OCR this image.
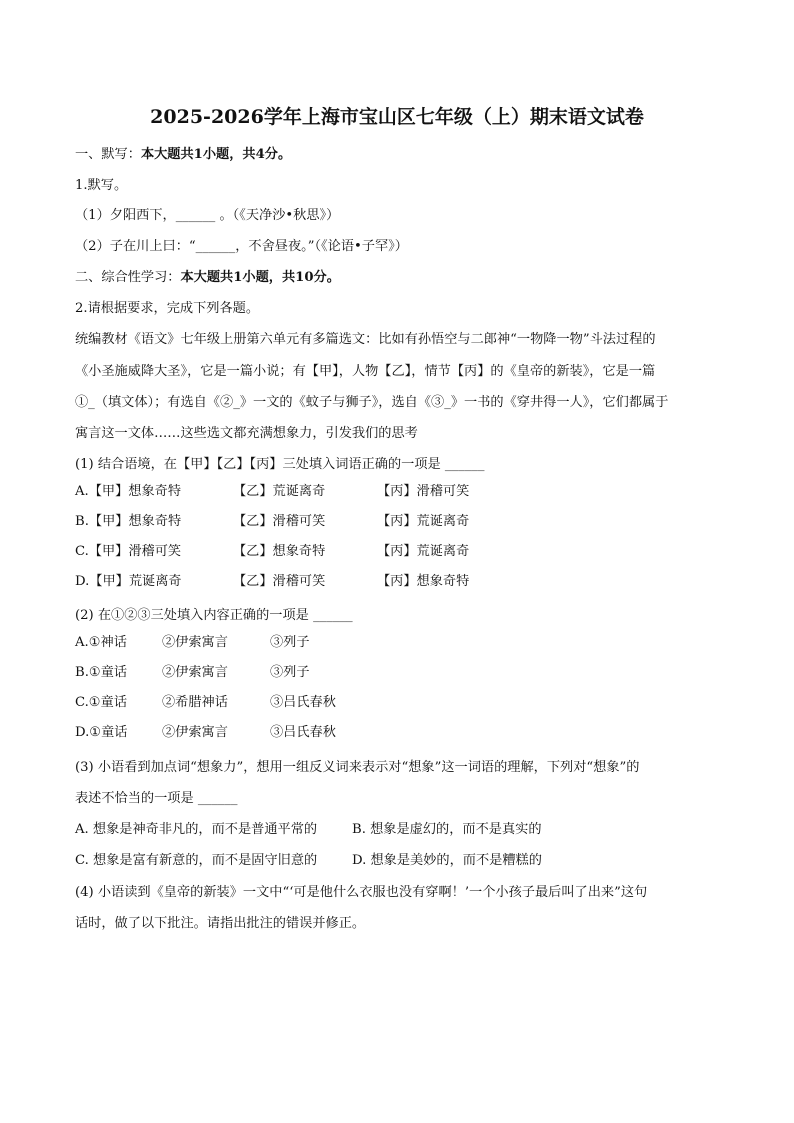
2025-2026学年上海市宝山区七年级（上）期末语文试卷
一、默写：本大题共1小题，共4分。
1.默写。
（1）夕阳西下，______ 。（《天净沙•秋思》）
（2）子在川上曰：“______，不舍昼夜。”（《论语•子罕》）
二、综合性学习：本大题共1小题，共10分。
2.请根据要求，完成下列各题。
统编教材《语文》七年级上册第六单元有多篇选文：比如有孙悟空与二郎神“一物降一物”斗法过程的
《小圣施威降大圣》，它是一篇小说；有【甲】，人物【乙】，情节【丙】的《皇帝的新装》，它是一篇
①_（填文体）；有选自《②_》一文的《蚊子与狮子》，选自《③_》一书的《穿井得一人》，它们都属于
寓言这一文体……这些选文都充满想象力，引发我们的思考
(1) 结合语境，在【甲】【乙】【丙】三处填入词语正确的一项是 ______
A.【甲】想象奇特	【乙】荒诞离奇	【丙】滑稽可笑
B.【甲】想象奇特	【乙】滑稽可笑	【丙】荒诞离奇
C.【甲】滑稽可笑	【乙】想象奇特	【丙】荒诞离奇
D.【甲】荒诞离奇	【乙】滑稽可笑	【丙】想象奇特
(2) 在①②③三处填入内容正确的一项是 ______
A.①神话	②伊索寓言	③列子
B.①童话	②伊索寓言	③列子
C.①童话	②希腊神话	③吕氏春秋
D.①童话	②伊索寓言	③吕氏春秋
(3) 小语看到加点词“想象力”，想用一组反义词来表示对“想象”这一词语的理解，下列对“想象”的
表述不恰当的一项是 ______
A. 想象是神奇非凡的，而不是普通平常的	B. 想象是虚幻的，而不是真实的
C. 想象是富有新意的，而不是固守旧意的	D. 想象是美妙的，而不是糟糕的
(4) 小语读到《皇帝的新装》一文中“‘可是他什么衣服也没有穿啊！’一个小孩子最后叫了出来”这句
话时，做了以下批注。请指出批注的错误并修正。
